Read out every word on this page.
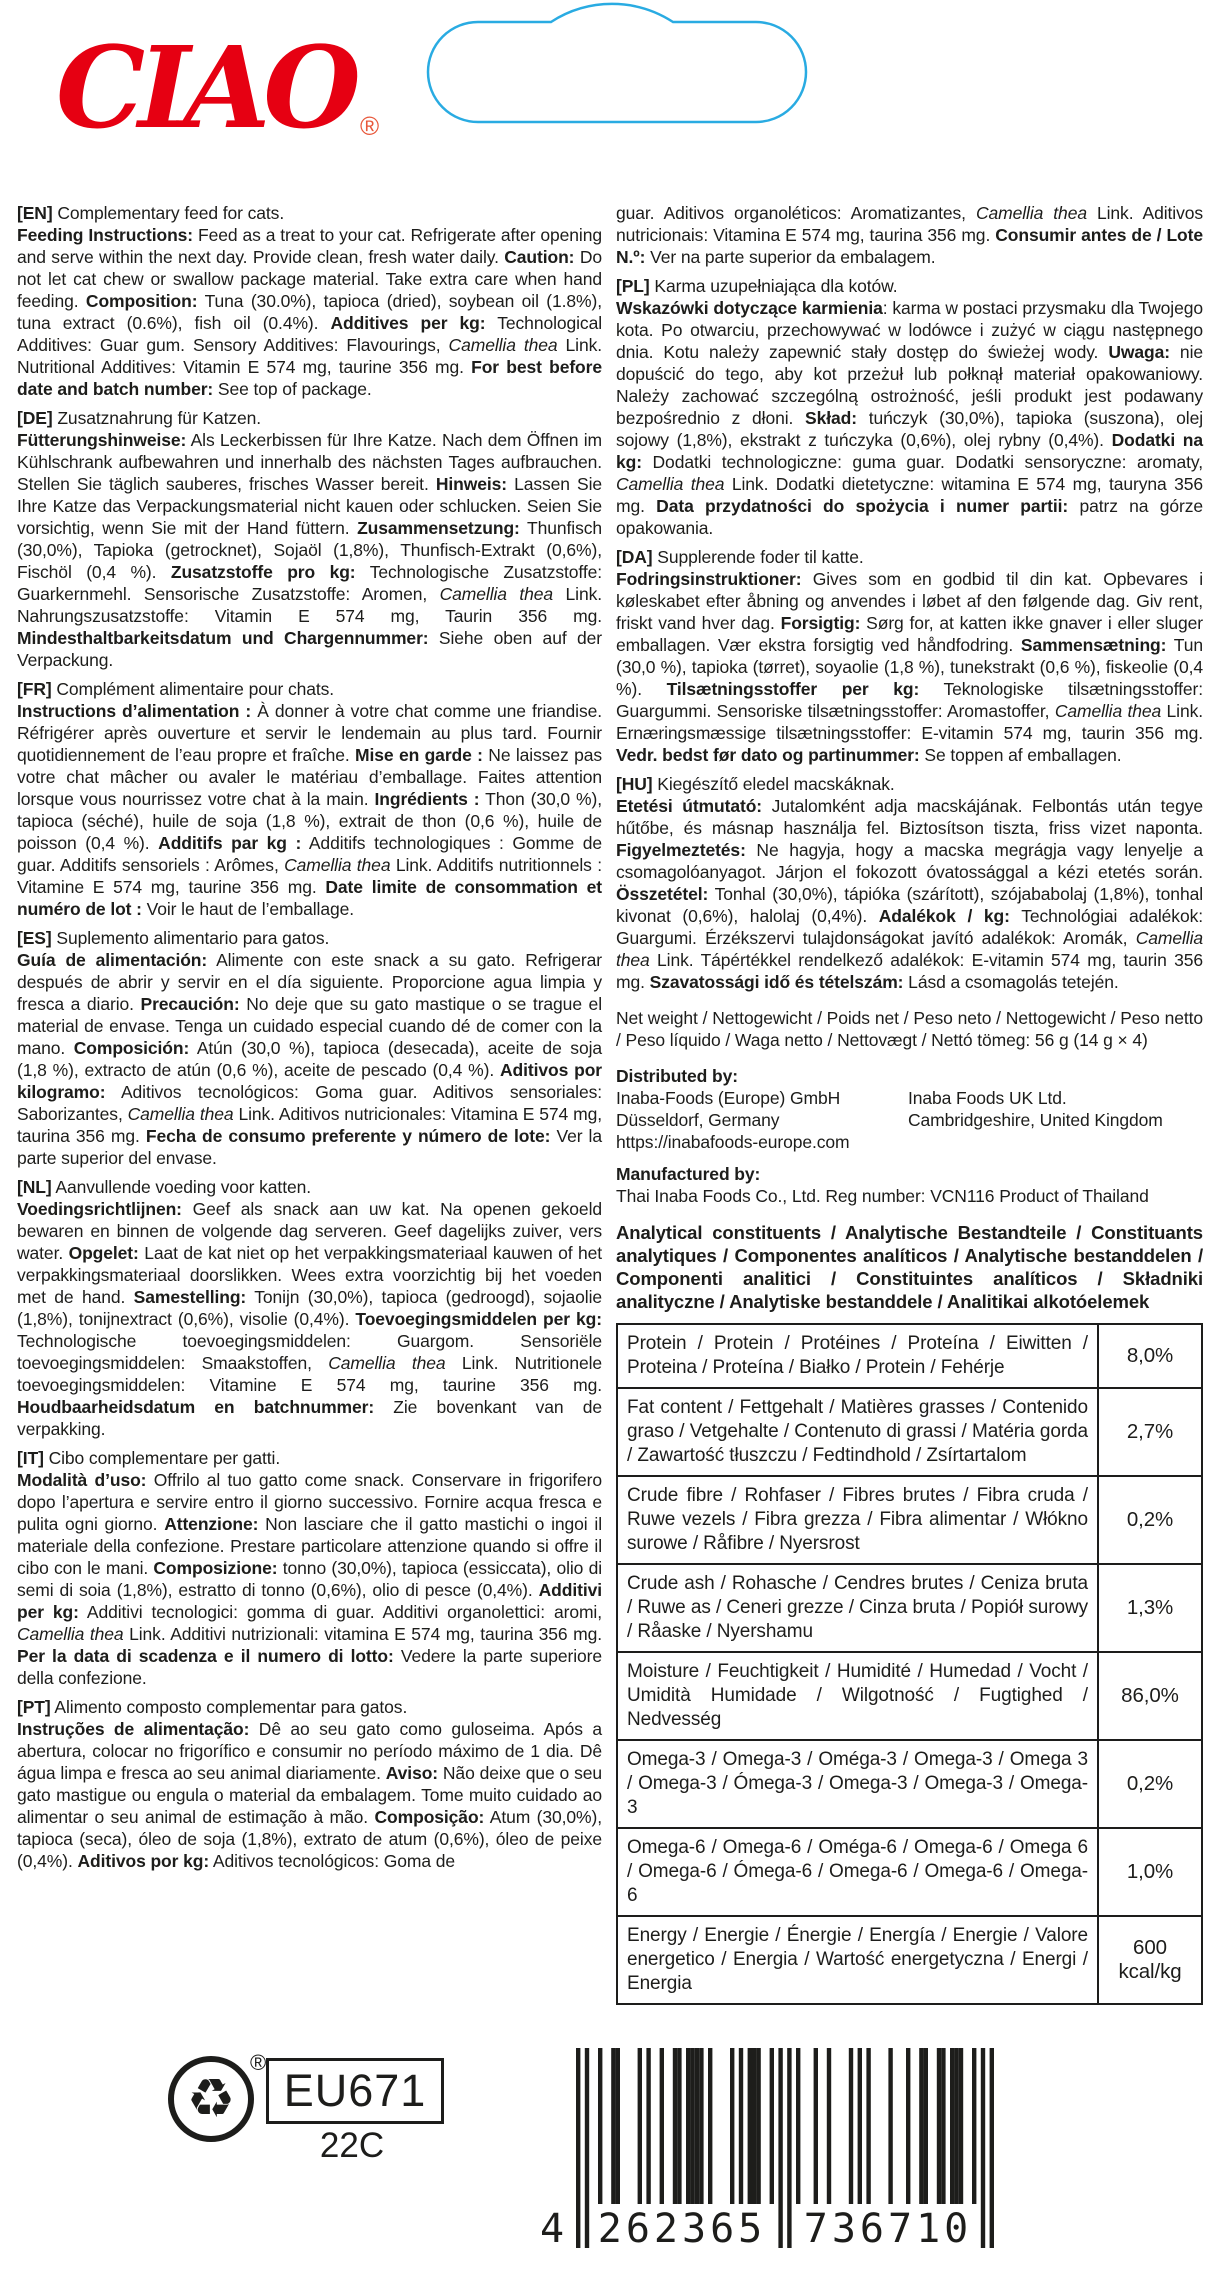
CIAO ®

[EN] Complementary feed for cats.

Feeding Instructions: Feed as a treat to your cat. Refrigerate after opening and serve within the next day. Provide clean, fresh water daily. Caution: Do not let cat chew or swallow package material. Take extra care when hand feeding. Composition: Tuna (30.0%), tapioca (dried), soybean oil (1.8%), tuna extract (0.6%), fish oil (0.4%). Additives per kg: Technological Additives: Guar gum. Sensory Additives: Flavourings, Camellia thea Link. Nutritional Additives: Vitamin E 574 mg, taurine 356 mg. For best before date and batch number: See top of package.

[DE] Zusatznahrung für Katzen.

Fütterungshinweise: Als Leckerbissen für Ihre Katze. Nach dem Öffnen im Kühlschrank aufbewahren und innerhalb des nächsten Tages aufbrauchen. Stellen Sie täglich sauberes, frisches Wasser bereit. Hinweis: Lassen Sie Ihre Katze das Verpackungsmaterial nicht kauen oder schlucken. Seien Sie vorsichtig, wenn Sie mit der Hand füttern. Zusammensetzung: Thunfisch (30,0%), Tapioka (getrocknet), Sojaöl (1,8%), Thunfisch-Extrakt (0,6%), Fischöl (0,4 %). Zusatzstoffe pro kg: Technologische Zusatzstoffe: Guarkernmehl. Sensorische Zusatzstoffe: Aromen, Camellia thea Link. Nahrungszusatzstoffe: Vitamin E 574 mg, Taurin 356 mg. Mindesthaltbarkeitsdatum und Chargennummer: Siehe oben auf der Verpackung.

[FR] Complément alimentaire pour chats.

Instructions d’alimentation : À donner à votre chat comme une friandise. Réfrigérer après ouverture et servir le lendemain au plus tard. Fournir quotidiennement de l’eau propre et fraîche. Mise en garde : Ne laissez pas votre chat mâcher ou avaler le matériau d’emballage. Faites attention lorsque vous nourrissez votre chat à la main. Ingrédients : Thon (30,0 %), tapioca (séché), huile de soja (1,8 %), extrait de thon (0,6 %), huile de poisson (0,4 %). Additifs par kg : Additifs technologiques : Gomme de guar. Additifs sensoriels : Arômes, Camellia thea Link. Additifs nutritionnels : Vitamine E 574 mg, taurine 356 mg. Date limite de consommation et numéro de lot : Voir le haut de l’emballage.

[ES] Suplemento alimentario para gatos.

Guía de alimentación: Alimente con este snack a su gato. Refrigerar después de abrir y servir en el día siguiente. Proporcione agua limpia y fresca a diario. Precaución: No deje que su gato mastique o se trague el material de envase. Tenga un cuidado especial cuando dé de comer con la mano. Composición: Atún (30,0 %), tapioca (desecada), aceite de soja (1,8 %), extracto de atún (0,6 %), aceite de pescado (0,4 %). Aditivos por kilogramo: Aditivos tecnológicos: Goma guar. Aditivos sensoriales: Saborizantes, Camellia thea Link. Aditivos nutricionales: Vitamina E 574 mg, taurina 356 mg. Fecha de consumo preferente y número de lote: Ver la parte superior del envase.

[NL] Aanvullende voeding voor katten.

Voedingsrichtlijnen: Geef als snack aan uw kat. Na openen gekoeld bewaren en binnen de volgende dag serveren. Geef dagelijks zuiver, vers water. Opgelet: Laat de kat niet op het verpakkingsmateriaal kauwen of het verpakkingsmateriaal doorslikken. Wees extra voorzichtig bij het voeden met de hand. Samestelling: Tonijn (30,0%), tapioca (gedroogd), sojaolie (1,8%), tonijnextract (0,6%), visolie (0,4%). Toevoegingsmiddelen per kg: Technologische toevoegingsmiddelen: Guargom. Sensoriële toevoegingsmiddelen: Smaakstoffen, Camellia thea Link. Nutritionele toevoegingsmiddelen: Vitamine E 574 mg, taurine 356 mg. Houdbaarheidsdatum en batchnummer: Zie bovenkant van de verpakking.

[IT] Cibo complementare per gatti.

Modalità d’uso: Offrilo al tuo gatto come snack. Conservare in frigorifero dopo l’apertura e servire entro il giorno successivo. Fornire acqua fresca e pulita ogni giorno. Attenzione: Non lasciare che il gatto mastichi o ingoi il materiale della confezione. Prestare particolare attenzione quando si offre il cibo con le mani. Composizione: tonno (30,0%), tapioca (essiccata), olio di semi di soia (1,8%), estratto di tonno (0,6%), olio di pesce (0,4%). Additivi per kg: Additivi tecnologici: gomma di guar. Additivi organolettici: aromi, Camellia thea Link. Additivi nutrizionali: vitamina E 574 mg, taurina 356 mg. Per la data di scadenza e il numero di lotto: Vedere la parte superiore della confezione.

[PT] Alimento composto complementar para gatos.

Instruções de alimentação: Dê ao seu gato como guloseima. Após a abertura, colocar no frigorífico e consumir no período máximo de 1 dia. Dê água limpa e fresca ao seu animal diariamente. Aviso: Não deixe que o seu gato mastigue ou engula o material da embalagem. Tome muito cuidado ao alimentar o seu animal de estimação à mão. Composição: Atum (30,0%), tapioca (seca), óleo de soja (1,8%), extrato de atum (0,6%), óleo de peixe (0,4%). Aditivos por kg: Aditivos tecnológicos: Goma de

guar. Aditivos organoléticos: Aromatizantes, Camellia thea Link. Aditivos nutricionais: Vitamina E 574 mg, taurina 356 mg. Consumir antes de / Lote N.º: Ver na parte superior da embalagem.

[PL] Karma uzupełniająca dla kotów.

Wskazówki dotyczące karmienia: karma w postaci przysmaku dla Twojego kota. Po otwarciu, przechowywać w lodówce i zużyć w ciągu następnego dnia. Kotu należy zapewnić stały dostęp do świeżej wody. Uwaga: nie dopuścić do tego, aby kot przeżuł lub połknął materiał opakowaniowy. Należy zachować szczególną ostrożność, jeśli produkt jest podawany bezpośrednio z dłoni. Skład: tuńczyk (30,0%), tapioka (suszona), olej sojowy (1,8%), ekstrakt z tuńczyka (0,6%), olej rybny (0,4%). Dodatki na kg: Dodatki technologiczne: guma guar. Dodatki sensoryczne: aromaty, Camellia thea Link. Dodatki dietetyczne: witamina E 574 mg, tauryna 356 mg. Data przydatności do spożycia i numer partii: patrz na górze opakowania.

[DA] Supplerende foder til katte.

Fodringsinstruktioner: Gives som en godbid til din kat. Opbevares i køleskabet efter åbning og anvendes i løbet af den følgende dag. Giv rent, friskt vand hver dag. Forsigtig: Sørg for, at katten ikke gnaver i eller sluger emballagen. Vær ekstra forsigtig ved håndfodring. Sammensætning: Tun (30,0 %), tapioka (tørret), soyaolie (1,8 %), tunekstrakt (0,6 %), fiskeolie (0,4 %). Tilsætningsstoffer per kg: Teknologiske tilsætningsstoffer: Guargummi. Sensoriske tilsætningsstoffer: Aromastoffer, Camellia thea Link. Ernæringsmæssige tilsætningsstoffer: E-vitamin 574 mg, taurin 356 mg. Vedr. bedst før dato og partinummer: Se toppen af emballagen.

[HU] Kiegészítő eledel macskáknak.

Etetési útmutató: Jutalomként adja macskájának. Felbontás után tegye hűtőbe, és másnap használja fel. Biztosítson tiszta, friss vizet naponta. Figyelmeztetés: Ne hagyja, hogy a macska megrágja vagy lenyelje a csomagolóanyagot. Járjon el fokozott óvatossággal a kézi etetés során. Összetétel: Tonhal (30,0%), tápióka (szárított), szójababolaj (1,8%), tonhal kivonat (0,6%), halolaj (0,4%). Adalékok / kg: Technológiai adalékok: Guargumi. Érzékszervi tulajdonságokat javító adalékok: Aromák, Camellia thea Link. Tápértékkel rendelkező adalékok: E-vitamin 574 mg, taurin 356 mg. Szavatossági idő és tételszám: Lásd a csomagolás tetején.

Net weight / Nettogewicht / Poids net / Peso neto / Nettogewicht / Peso netto / Peso líquido / Waga netto / Nettovægt / Nettó tömeg: 56 g (14 g × 4)

Distributed by:
Inaba-Foods (Europe) GmbH
Düsseldorf, Germany
https://inabafoods-europe.com
Inaba Foods UK Ltd.
Cambridgeshire, United Kingdom
Manufactured by:
Thai Inaba Foods Co., Ltd. Reg number: VCN116 Product of Thailand

Analytical constituents / Analytische Bestandteile / Constituants analytiques / Componentes analíticos / Analytische bestanddelen / Componenti analitici / Constituintes analíticos / Składniki analityczne / Analytiske bestanddele / Analitikai alkotóelemek

Protein / Protein / Protéines / Proteína / Eiwitten / Proteina / Proteína / Białko / Protein / Fehérje	8,0%
Fat content / Fettgehalt / Matières grasses / Contenido graso / Vetgehalte / Contenuto di grassi / Matéria gorda / Zawartość tłuszczu / Fedtindhold / Zsírtartalom	2,7%
Crude fibre / Rohfaser / Fibres brutes / Fibra cruda / Ruwe vezels / Fibra grezza / Fibra alimentar / Włókno surowe / Råfibre / Nyersrost	0,2%
Crude ash / Rohasche / Cendres brutes / Ceniza bruta / Ruwe as / Ceneri grezze / Cinza bruta / Popiół surowy / Råaske / Nyershamu	1,3%
Moisture / Feuchtigkeit / Humidité / Humedad / Vocht / Umidità Humidade / Wilgotność / Fugtighed / Nedvesség	86,0%
Omega-3 / Omega-3 / Oméga-3 / Omega-3 / Omega 3 / Omega-3 / Ómega-3 / Omega-3 / Omega-3 / Omega-3	0,2%
Omega-6 / Omega-6 / Oméga-6 / Omega-6 / Omega 6 / Omega-6 / Ómega-6 / Omega-6 / Omega-6 / Omega-6	1,0%
Energy / Energie / Énergie / Energía / Energie / Valore energetico / Energia / Wartość energetyczna / Energi / Energia	600 kcal/kg
♻
®
EU671
22C
4 262365 736710
